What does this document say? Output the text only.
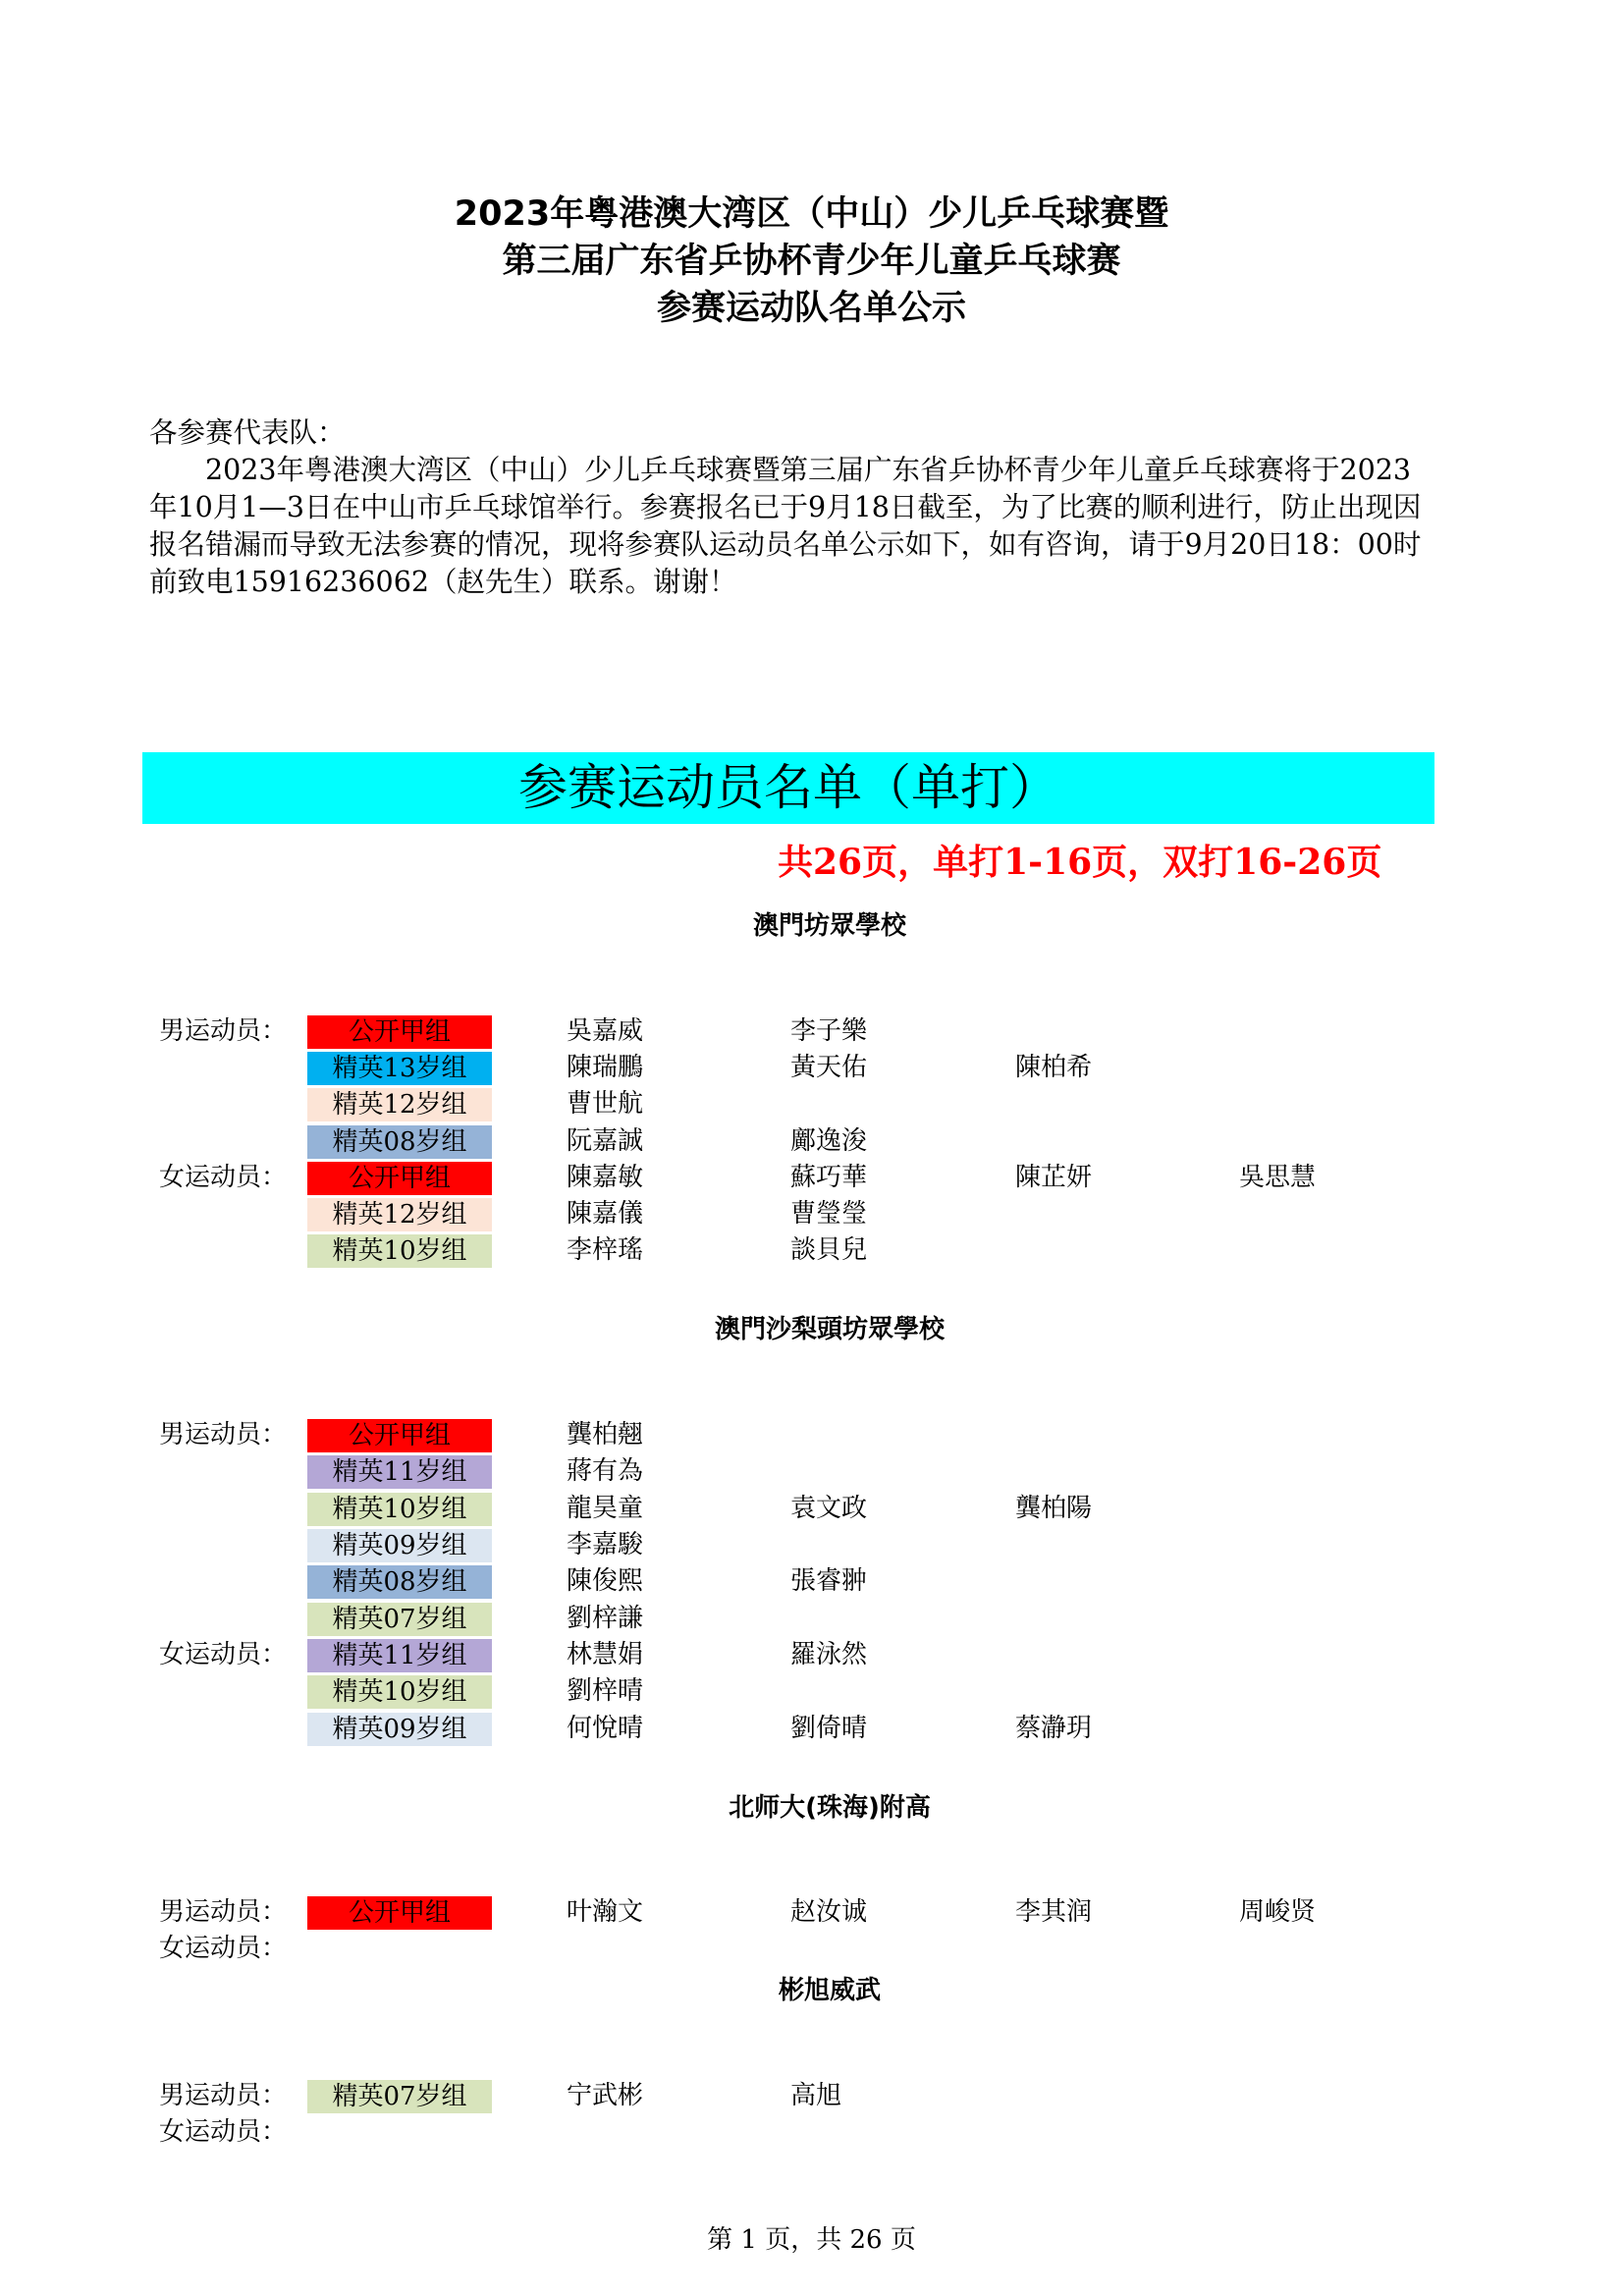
2023年粤港澳大湾区（中山）少儿乒乓球赛暨
第三届广东省乒协杯青少年儿童乒乓球赛
参赛运动队名单公示

各参赛代表队：

2023年粤港澳大湾区（中山）少儿乒乓球赛暨第三届广东省乒协杯青少年儿童乒乓球赛将于2023年10月1—3日在中山市乒乓球馆举行。参赛报名已于9月18日截至，为了比赛的顺利进行，防止出现因报名错漏而导致无法参赛的情况，现将参赛队运动员名单公示如下，如有咨询，请于9月20日18：00时前致电15916236062（赵先生）联系。谢谢！

参赛运动员名单（单打）
共26页，单打1-16页，双打16-26页
澳門坊眾學校
男运动员：	公开甲组	吳嘉威	李子樂
精英13岁组	陳瑞鵬	黃天佑	陳柏希
精英12岁组	曹世航
精英08岁组	阮嘉誠	鄺逸浚
女运动员：	公开甲组	陳嘉敏	蘇巧華	陳芷妍	吳思慧
精英12岁组	陳嘉儀	曹瑩瑩
精英10岁组	李梓瑤	談貝兒
澳門沙梨頭坊眾學校
男运动员：	公开甲组	龔柏翹
精英11岁组	蔣有為
精英10岁组	龍昊童	袁文政	龔柏陽
精英09岁组	李嘉駿
精英08岁组	陳俊熙	張睿翀
精英07岁组	劉梓謙
女运动员：	精英11岁组	林慧娟	羅泳然
精英10岁组	劉梓晴
精英09岁组	何悅晴	劉倚晴	蔡瀞玥
北师大(珠海)附高
男运动员：	公开甲组	叶瀚文	赵汝诚	李其润	周峻贤
女运动员：
彬旭威武
男运动员：	精英07岁组	宁武彬	高旭
女运动员：
第 1 页，共 26 页
